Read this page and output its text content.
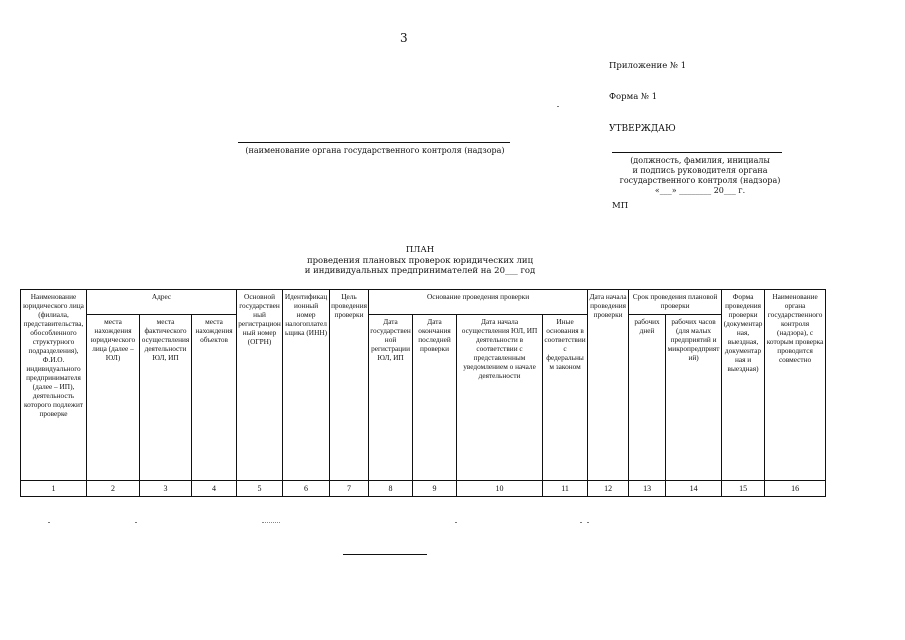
3
Приложение № 1
Форма № 1
УТВЕРЖДАЮ
(должность, фамилия, инициалы
и подпись руководителя органа
государственного контроля (надзора)
«___» ________ 20___ г.
МП
(наименование органа государственного контроля (надзора)
ПЛАН
проведения плановых проверок юридических лиц
и индивидуальных предпринимателей на 20___ год
Наименование юридического лица (филиала, представительства, обособленного структурного подразделения), Ф.И.О. индивидуального предпринимателя (далее – ИП), деятельность которого подлежит проверке	Адрес			Основной государственный регистрационный номер (ОГРН)	Идентификационный номер налогоплательщика (ИНН)	Цель проведения проверки	Основание проведения проверки				Дата начала проведения проверки	Срок проведения плановой проверки		Форма проведения проверки (документарная, выездная, документарная и выездная)	Наименование органа государственного контроля (надзора), с которым проверка проводится совместно
	места нахождения юридического лица (далее – ЮЛ)	места фактического осуществления деятельности ЮЛ, ИП	места нахождения объектов				Дата государственной регистрации ЮЛ, ИП	Дата окончания последней проверки	Дата начала осуществления ЮЛ, ИП деятельности в соответствии с представленным уведомлением о начале деятельности	Иные основания в соответствии с федеральным законом		рабочих дней	рабочих часов (для малых предприятий и микропредприятий)		
1	2	3	4	5	6	7	8	9	10	11	12	13	14	15	16
